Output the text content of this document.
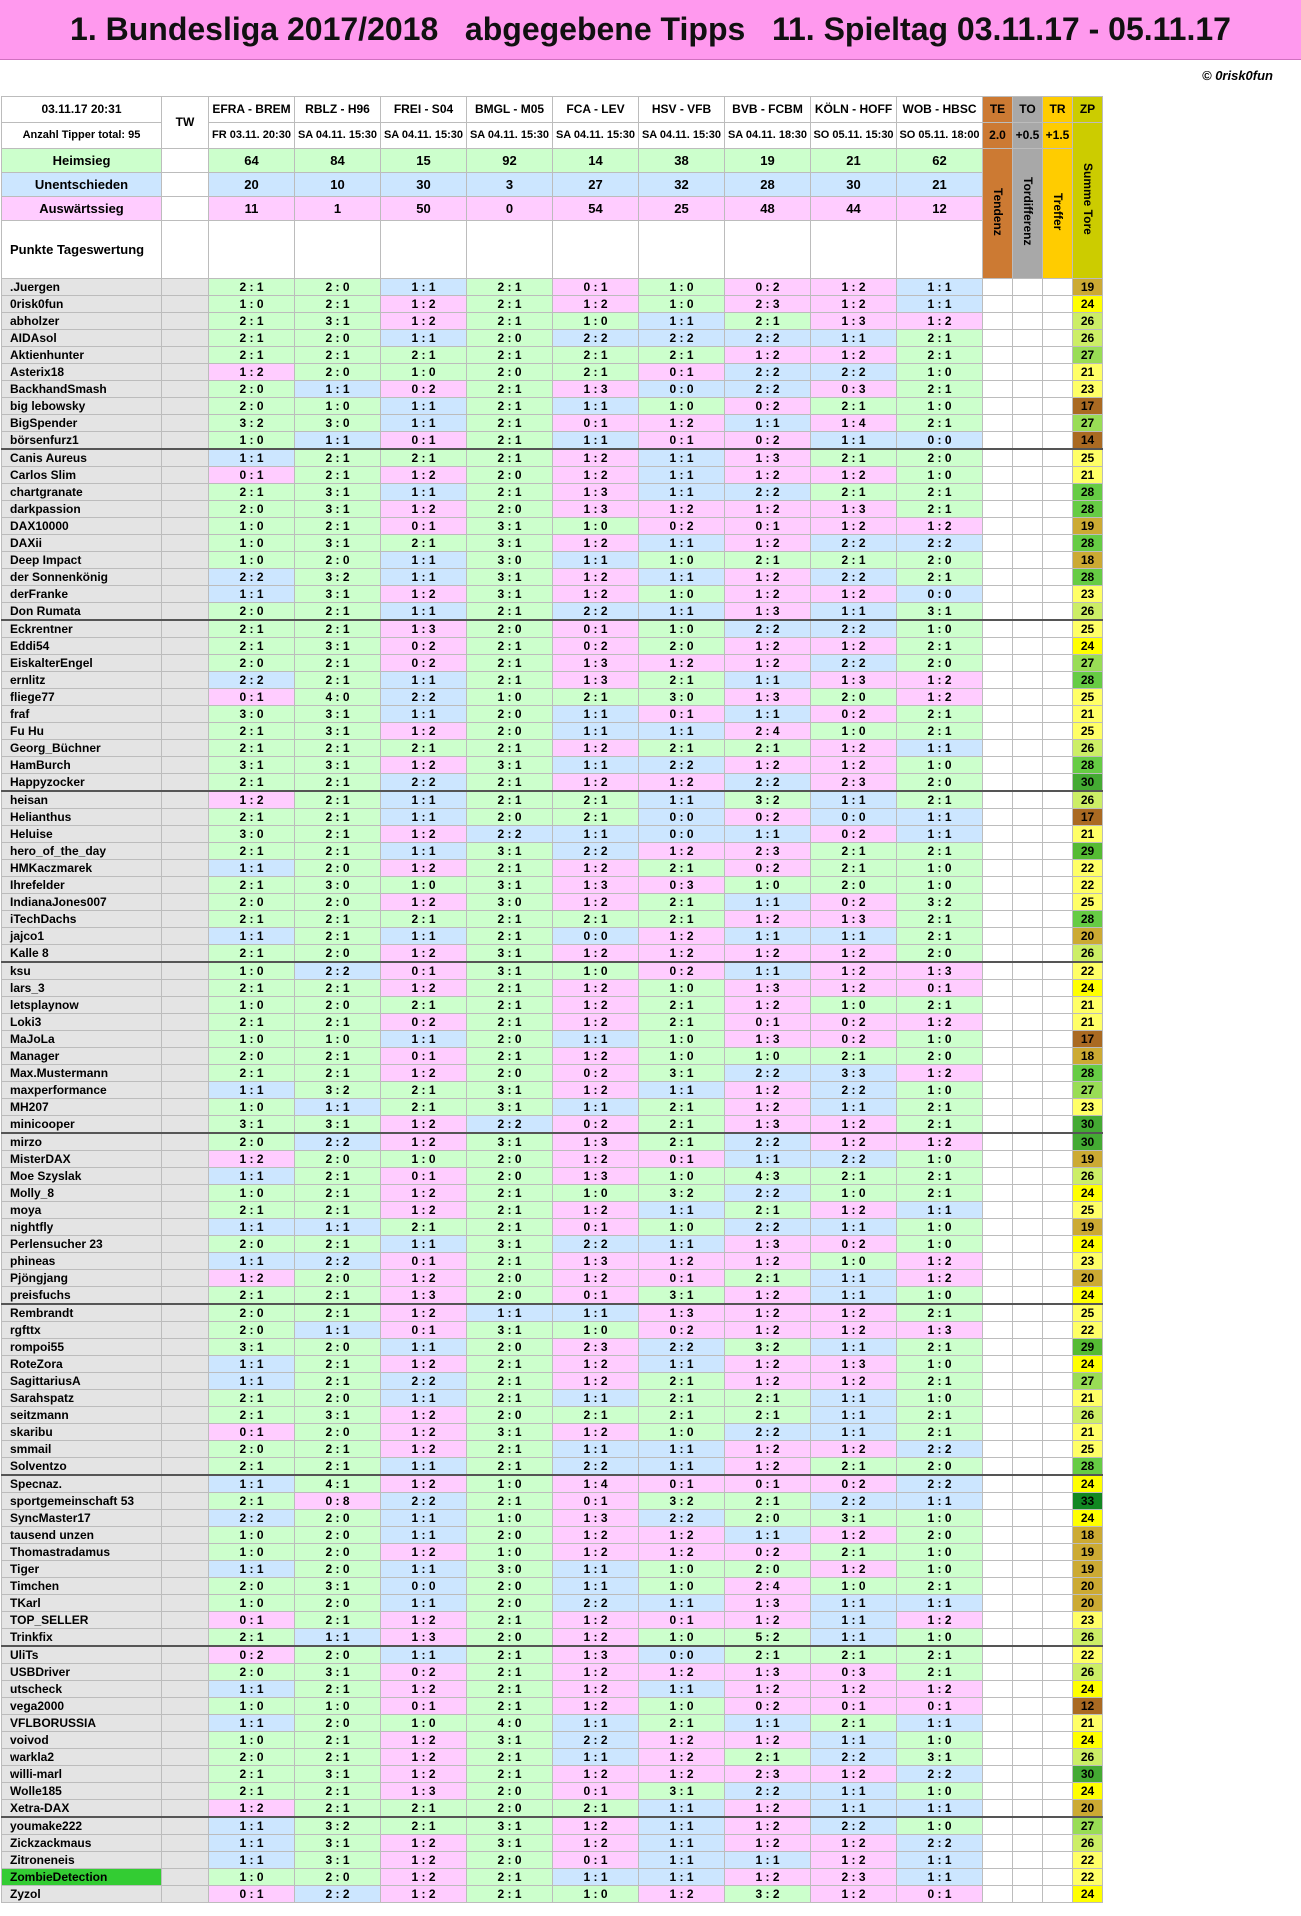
1. Bundesliga 2017/2018   abgegebene Tipps   11. Spieltag 03.11.17 - 05.11.17
© 0risk0fun
03.11.17 20:31	TW	EFRA - BREM	RBLZ - H96	FREI - S04	BMGL - M05	FCA - LEV	HSV - VFB	BVB - FCBM	KÖLN - HOFF	WOB - HBSC	TE	TO	TR	ZP
Anzahl Tipper total: 95		FR 03.11. 20:30	SA 04.11. 15:30	SA 04.11. 15:30	SA 04.11. 15:30	SA 04.11. 15:30	SA 04.11. 15:30	SA 04.11. 18:30	SO 05.11. 15:30	SO 05.11. 18:00	2.0	+0.5	+1.5	Summe Tore
Heimsieg		64	84	15	92	14	38	19	21	62	Tendenz	Tordifferenz	Treffer	
Unentschieden		20	10	30	3	27	32	28	30	21				
Auswärtssieg		11	1	50	0	54	25	48	44	12				
Punkte Tageswertung														
.Juergen		2 : 1	2 : 0	1 : 1	2 : 1	0 : 1	1 : 0	0 : 2	1 : 2	1 : 1				19
0risk0fun		1 : 0	2 : 1	1 : 2	2 : 1	1 : 2	1 : 0	2 : 3	1 : 2	1 : 1				24
abholzer		2 : 1	3 : 1	1 : 2	2 : 1	1 : 0	1 : 1	2 : 1	1 : 3	1 : 2				26
AIDAsol		2 : 1	2 : 0	1 : 1	2 : 0	2 : 2	2 : 2	2 : 2	1 : 1	2 : 1				26
Aktienhunter		2 : 1	2 : 1	2 : 1	2 : 1	2 : 1	2 : 1	1 : 2	1 : 2	2 : 1				27
Asterix18		1 : 2	2 : 0	1 : 0	2 : 0	2 : 1	0 : 1	2 : 2	2 : 2	1 : 0				21
BackhandSmash		2 : 0	1 : 1	0 : 2	2 : 1	1 : 3	0 : 0	2 : 2	0 : 3	2 : 1				23
big lebowsky		2 : 0	1 : 0	1 : 1	2 : 1	1 : 1	1 : 0	0 : 2	2 : 1	1 : 0				17
BigSpender		3 : 2	3 : 0	1 : 1	2 : 1	0 : 1	1 : 2	1 : 1	1 : 4	2 : 1				27
börsenfurz1		1 : 0	1 : 1	0 : 1	2 : 1	1 : 1	0 : 1	0 : 2	1 : 1	0 : 0				14
Canis Aureus		1 : 1	2 : 1	2 : 1	2 : 1	1 : 2	1 : 1	1 : 3	2 : 1	2 : 0				25
Carlos Slim		0 : 1	2 : 1	1 : 2	2 : 0	1 : 2	1 : 1	1 : 2	1 : 2	1 : 0				21
chartgranate		2 : 1	3 : 1	1 : 1	2 : 1	1 : 3	1 : 1	2 : 2	2 : 1	2 : 1				28
darkpassion		2 : 0	3 : 1	1 : 2	2 : 0	1 : 3	1 : 2	1 : 2	1 : 3	2 : 1				28
DAX10000		1 : 0	2 : 1	0 : 1	3 : 1	1 : 0	0 : 2	0 : 1	1 : 2	1 : 2				19
DAXii		1 : 0	3 : 1	2 : 1	3 : 1	1 : 2	1 : 1	1 : 2	2 : 2	2 : 2				28
Deep Impact		1 : 0	2 : 0	1 : 1	3 : 0	1 : 1	1 : 0	2 : 1	2 : 1	2 : 0				18
der Sonnenkönig		2 : 2	3 : 2	1 : 1	3 : 1	1 : 2	1 : 1	1 : 2	2 : 2	2 : 1				28
derFranke		1 : 1	3 : 1	1 : 2	3 : 1	1 : 2	1 : 0	1 : 2	1 : 2	0 : 0				23
Don Rumata		2 : 0	2 : 1	1 : 1	2 : 1	2 : 2	1 : 1	1 : 3	1 : 1	3 : 1				26
Eckrentner		2 : 1	2 : 1	1 : 3	2 : 0	0 : 1	1 : 0	2 : 2	2 : 2	1 : 0				25
Eddi54		2 : 1	3 : 1	0 : 2	2 : 1	0 : 2	2 : 0	1 : 2	1 : 2	2 : 1				24
EiskalterEngel		2 : 0	2 : 1	0 : 2	2 : 1	1 : 3	1 : 2	1 : 2	2 : 2	2 : 0				27
ernlitz		2 : 2	2 : 1	1 : 1	2 : 1	1 : 3	2 : 1	1 : 1	1 : 3	1 : 2				28
fliege77		0 : 1	4 : 0	2 : 2	1 : 0	2 : 1	3 : 0	1 : 3	2 : 0	1 : 2				25
fraf		3 : 0	3 : 1	1 : 1	2 : 0	1 : 1	0 : 1	1 : 1	0 : 2	2 : 1				21
Fu Hu		2 : 1	3 : 1	1 : 2	2 : 0	1 : 1	1 : 1	2 : 4	1 : 0	2 : 1				25
Georg_Büchner		2 : 1	2 : 1	2 : 1	2 : 1	1 : 2	2 : 1	2 : 1	1 : 2	1 : 1				26
HamBurch		3 : 1	3 : 1	1 : 2	3 : 1	1 : 1	2 : 2	1 : 2	1 : 2	1 : 0				28
Happyzocker		2 : 1	2 : 1	2 : 2	2 : 1	1 : 2	1 : 2	2 : 2	2 : 3	2 : 0				30
heisan		1 : 2	2 : 1	1 : 1	2 : 1	2 : 1	1 : 1	3 : 2	1 : 1	2 : 1				26
Helianthus		2 : 1	2 : 1	1 : 1	2 : 0	2 : 1	0 : 0	0 : 2	0 : 0	1 : 1				17
Heluise		3 : 0	2 : 1	1 : 2	2 : 2	1 : 1	0 : 0	1 : 1	0 : 2	1 : 1				21
hero_of_the_day		2 : 1	2 : 1	1 : 1	3 : 1	2 : 2	1 : 2	2 : 3	2 : 1	2 : 1				29
HMKaczmarek		1 : 1	2 : 0	1 : 2	2 : 1	1 : 2	2 : 1	0 : 2	2 : 1	1 : 0				22
Ihrefelder		2 : 1	3 : 0	1 : 0	3 : 1	1 : 3	0 : 3	1 : 0	2 : 0	1 : 0				22
IndianaJones007		2 : 0	2 : 0	1 : 2	3 : 0	1 : 2	2 : 1	1 : 1	0 : 2	3 : 2				25
iTechDachs		2 : 1	2 : 1	2 : 1	2 : 1	2 : 1	2 : 1	1 : 2	1 : 3	2 : 1				28
jajco1		1 : 1	2 : 1	1 : 1	2 : 1	0 : 0	1 : 2	1 : 1	1 : 1	2 : 1				20
Kalle 8		2 : 1	2 : 0	1 : 2	3 : 1	1 : 2	1 : 2	1 : 2	1 : 2	2 : 0				26
ksu		1 : 0	2 : 2	0 : 1	3 : 1	1 : 0	0 : 2	1 : 1	1 : 2	1 : 3				22
lars_3		2 : 1	2 : 1	1 : 2	2 : 1	1 : 2	1 : 0	1 : 3	1 : 2	0 : 1				24
letsplaynow		1 : 0	2 : 0	2 : 1	2 : 1	1 : 2	2 : 1	1 : 2	1 : 0	2 : 1				21
Loki3		2 : 1	2 : 1	0 : 2	2 : 1	1 : 2	2 : 1	0 : 1	0 : 2	1 : 2				21
MaJoLa		1 : 0	1 : 0	1 : 1	2 : 0	1 : 1	1 : 0	1 : 3	0 : 2	1 : 0				17
Manager		2 : 0	2 : 1	0 : 1	2 : 1	1 : 2	1 : 0	1 : 0	2 : 1	2 : 0				18
Max.Mustermann		2 : 1	2 : 1	1 : 2	2 : 0	0 : 2	3 : 1	2 : 2	3 : 3	1 : 2				28
maxperformance		1 : 1	3 : 2	2 : 1	3 : 1	1 : 2	1 : 1	1 : 2	2 : 2	1 : 0				27
MH207		1 : 0	1 : 1	2 : 1	3 : 1	1 : 1	2 : 1	1 : 2	1 : 1	2 : 1				23
minicooper		3 : 1	3 : 1	1 : 2	2 : 2	0 : 2	2 : 1	1 : 3	1 : 2	2 : 1				30
mirzo		2 : 0	2 : 2	1 : 2	3 : 1	1 : 3	2 : 1	2 : 2	1 : 2	1 : 2				30
MisterDAX		1 : 2	2 : 0	1 : 0	2 : 0	1 : 2	0 : 1	1 : 1	2 : 2	1 : 0				19
Moe Szyslak		1 : 1	2 : 1	0 : 1	2 : 0	1 : 3	1 : 0	4 : 3	2 : 1	2 : 1				26
Molly_8		1 : 0	2 : 1	1 : 2	2 : 1	1 : 0	3 : 2	2 : 2	1 : 0	2 : 1				24
moya		2 : 1	2 : 1	1 : 2	2 : 1	1 : 2	1 : 1	2 : 1	1 : 2	1 : 1				25
nightfly		1 : 1	1 : 1	2 : 1	2 : 1	0 : 1	1 : 0	2 : 2	1 : 1	1 : 0				19
Perlensucher 23		2 : 0	2 : 1	1 : 1	3 : 1	2 : 2	1 : 1	1 : 3	0 : 2	1 : 0				24
phineas		1 : 1	2 : 2	0 : 1	2 : 1	1 : 3	1 : 2	1 : 2	1 : 0	1 : 2				23
Pjöngjang		1 : 2	2 : 0	1 : 2	2 : 0	1 : 2	0 : 1	2 : 1	1 : 1	1 : 2				20
preisfuchs		2 : 1	2 : 1	1 : 3	2 : 0	0 : 1	3 : 1	1 : 2	1 : 1	1 : 0				24
Rembrandt		2 : 0	2 : 1	1 : 2	1 : 1	1 : 1	1 : 3	1 : 2	1 : 2	2 : 1				25
rgfttx		2 : 0	1 : 1	0 : 1	3 : 1	1 : 0	0 : 2	1 : 2	1 : 2	1 : 3				22
rompoi55		3 : 1	2 : 0	1 : 1	2 : 0	2 : 3	2 : 2	3 : 2	1 : 1	2 : 1				29
RoteZora		1 : 1	2 : 1	1 : 2	2 : 1	1 : 2	1 : 1	1 : 2	1 : 3	1 : 0				24
SagittariusA		1 : 1	2 : 1	2 : 2	2 : 1	1 : 2	2 : 1	1 : 2	1 : 2	2 : 1				27
Sarahspatz		2 : 1	2 : 0	1 : 1	2 : 1	1 : 1	2 : 1	2 : 1	1 : 1	1 : 0				21
seitzmann		2 : 1	3 : 1	1 : 2	2 : 0	2 : 1	2 : 1	2 : 1	1 : 1	2 : 1				26
skaribu		0 : 1	2 : 0	1 : 2	3 : 1	1 : 2	1 : 0	2 : 2	1 : 1	2 : 1				21
smmail		2 : 0	2 : 1	1 : 2	2 : 1	1 : 1	1 : 1	1 : 2	1 : 2	2 : 2				25
Solventzo		2 : 1	2 : 1	1 : 1	2 : 1	2 : 2	1 : 1	1 : 2	2 : 1	2 : 0				28
Specnaz.		1 : 1	4 : 1	1 : 2	1 : 0	1 : 4	0 : 1	0 : 1	0 : 2	2 : 2				24
sportgemeinschaft 53		2 : 1	0 : 8	2 : 2	2 : 1	0 : 1	3 : 2	2 : 1	2 : 2	1 : 1				33
SyncMaster17		2 : 2	2 : 0	1 : 1	1 : 0	1 : 3	2 : 2	2 : 0	3 : 1	1 : 0				24
tausend unzen		1 : 0	2 : 0	1 : 1	2 : 0	1 : 2	1 : 2	1 : 1	1 : 2	2 : 0				18
Thomastradamus		1 : 0	2 : 0	1 : 2	1 : 0	1 : 2	1 : 2	0 : 2	2 : 1	1 : 0				19
Tiger		1 : 1	2 : 0	1 : 1	3 : 0	1 : 1	1 : 0	2 : 0	1 : 2	1 : 0				19
Timchen		2 : 0	3 : 1	0 : 0	2 : 0	1 : 1	1 : 0	2 : 4	1 : 0	2 : 1				20
TKarl		1 : 0	2 : 0	1 : 1	2 : 0	2 : 2	1 : 1	1 : 3	1 : 1	1 : 1				20
TOP_SELLER		0 : 1	2 : 1	1 : 2	2 : 1	1 : 2	0 : 1	1 : 2	1 : 1	1 : 2				23
Trinkfix		2 : 1	1 : 1	1 : 3	2 : 0	1 : 2	1 : 0	5 : 2	1 : 1	1 : 0				26
UliTs		0 : 2	2 : 0	1 : 1	2 : 1	1 : 3	0 : 0	2 : 1	2 : 1	2 : 1				22
USBDriver		2 : 0	3 : 1	0 : 2	2 : 1	1 : 2	1 : 2	1 : 3	0 : 3	2 : 1				26
utscheck		1 : 1	2 : 1	1 : 2	2 : 1	1 : 2	1 : 1	1 : 2	1 : 2	1 : 2				24
vega2000		1 : 0	1 : 0	0 : 1	2 : 1	1 : 2	1 : 0	0 : 2	0 : 1	0 : 1				12
VFLBORUSSIA		1 : 1	2 : 0	1 : 0	4 : 0	1 : 1	2 : 1	1 : 1	2 : 1	1 : 1				21
voivod		1 : 0	2 : 1	1 : 2	3 : 1	2 : 2	1 : 2	1 : 2	1 : 1	1 : 0				24
warkla2		2 : 0	2 : 1	1 : 2	2 : 1	1 : 1	1 : 2	2 : 1	2 : 2	3 : 1				26
willi-marl		2 : 1	3 : 1	1 : 2	2 : 1	1 : 2	1 : 2	2 : 3	1 : 2	2 : 2				30
Wolle185		2 : 1	2 : 1	1 : 3	2 : 0	0 : 1	3 : 1	2 : 2	1 : 1	1 : 0				24
Xetra-DAX		1 : 2	2 : 1	2 : 1	2 : 0	2 : 1	1 : 1	1 : 2	1 : 1	1 : 1				20
youmake222		1 : 1	3 : 2	2 : 1	3 : 1	1 : 2	1 : 1	1 : 2	2 : 2	1 : 0				27
Zickzackmaus		1 : 1	3 : 1	1 : 2	3 : 1	1 : 2	1 : 1	1 : 2	1 : 2	2 : 2				26
Zitroneneis		1 : 1	3 : 1	1 : 2	2 : 0	0 : 1	1 : 1	1 : 1	1 : 2	1 : 1				22
ZombieDetection		1 : 0	2 : 0	1 : 2	2 : 1	1 : 1	1 : 1	1 : 2	2 : 3	1 : 1				22
Zyzol		0 : 1	2 : 2	1 : 2	2 : 1	1 : 0	1 : 2	3 : 2	1 : 2	0 : 1				24
